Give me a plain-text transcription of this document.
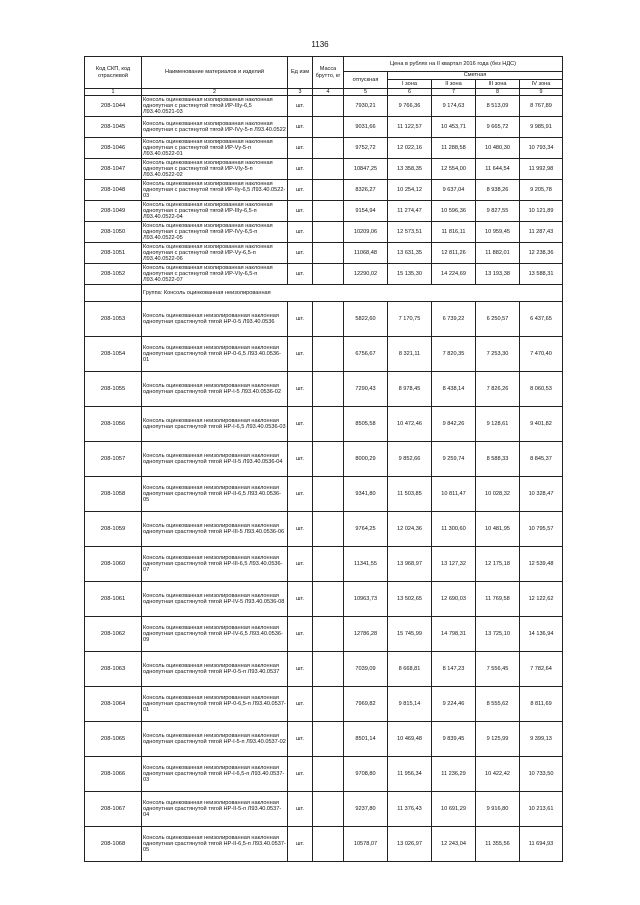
1136
Код СКП, код отраслевой	Наименование материалов и изделий	Ед изм	Масса брутто, кг	Цена в рублях на II квартал 2016 года (без НДС)				
				отпускная	Сметная			
					I зона	II зона	III зона	IV зона
1	2	3	4	5	6	7	8	9
208-1044	Консоль оцинкованная изолированная наклонная однопутная с растянутой тягой ИР-IIIу-6,5 Л93.40.0521-03	шт.		7930,21	9 766,36	9 174,63	8 513,09	8 767,89
208-1045	Консоль оцинкованная изолированная наклонная однопутная с растянутой тягой ИР-IVу-5-п Л93.40.0522	шт.		9031,66	11 122,57	10 453,71	9 665,72	9 985,91
208-1046	Консоль оцинкованная изолированная наклонная однопутная с растянутой тягой ИР-Vу-5-п Л93.40.0522-01	шт.		9752,72	12 022,16	11 288,58	10 480,30	10 793,34
208-1047	Консоль оцинкованная изолированная наклонная однопутная с растянутой тягой ИР-VIу-5-п Л93.40.0522-02	шт.		10847,25	13 358,35	12 554,00	11 644,54	11 992,98
208-1048	Консоль оцинкованная изолированная наклонная однопутная с растянутой тягой ИР-IIу-6,5 Л93.40.0522-03	шт.		8326,27	10 254,12	9 637,04	8 938,26	9 205,78
208-1049	Консоль оцинкованная изолированная наклонная однопутная с растянутой тягой ИР-IIIу-6,5-п Л93.40.0522-04	шт.		9154,94	11 274,47	10 596,36	9 827,55	10 121,89
208-1050	Консоль оцинкованная изолированная наклонная однопутная с растянутой тягой ИР-IVу-6,5-п Л93.40.0522-05	шт.		10209,06	12 573,51	11 816,11	10 959,45	11 287,43
208-1051	Консоль оцинкованная изолированная наклонная однопутная с растянутой тягой ИР-Vу-6,5-п Л93.40.0522-06	шт.		11068,48	13 631,35	12 811,26	11 882,01	12 238,36
208-1052	Консоль оцинкованная изолированная наклонная однопутная с растянутой тягой ИР-VIу-6,5-п Л93.40.0522-07	шт.		12290,02	15 135,30	14 224,69	13 193,38	13 588,31
	Группа: Консоль оцинкованная неизолированная							
208-1053	Консоль оцинкованная неизолированная наклонная однопутная срастянутой тягой НР-0-5 Л93.40.0536	шт.		5822,60	7 170,75	6 739,22	6 250,57	6 437,65
208-1054	Консоль оцинкованная неизолированная наклонная однопутная срастянутой тягой НР-0-6,5 Л93.40.0536-01	шт.		6756,67	8 321,11	7 820,35	7 253,30	7 470,40
208-1055	Консоль оцинкованная неизолированная наклонная однопутная срастянутой тягой НР-I-5 Л93.40.0536-02	шт.		7290,43	8 978,45	8 438,14	7 826,26	8 060,53
208-1056	Консоль оцинкованная неизолированная наклонная однопутная срастянутой тягой НР-I-6,5 Л93.40.0536-03	шт.		8505,58	10 472,46	9 842,26	9 128,61	9 401,82
208-1057	Консоль оцинкованная неизолированная наклонная однопутная срастянутой тягой НР-II-5 Л93.40.0536-04	шт.		8000,29	9 852,66	9 259,74	8 588,33	8 845,37
208-1058	Консоль оцинкованная неизолированная наклонная однопутная срастянутой тягой НР-II-6,5 Л93.40.0536-05	шт.		9341,80	11 503,85	10 811,47	10 028,32	10 328,47
208-1059	Консоль оцинкованная неизолированная наклонная однопутная срастянутой тягой НР-III-5 Л93.40.0536-06	шт.		9764,25	12 024,36	11 300,60	10 481,95	10 795,57
208-1060	Консоль оцинкованная неизолированная наклонная однопутная срастянутой тягой НР-III-6,5 Л93.40.0536-07	шт.		11341,55	13 968,97	13 127,32	12 175,18	12 539,48
208-1061	Консоль оцинкованная неизолированная наклонная однопутная срастянутой тягой НР-IV-5 Л93.40.0536-08	шт.		10963,73	13 502,65	12 690,03	11 769,58	12 122,62
208-1062	Консоль оцинкованная неизолированная наклонная однопутная срастянутой тягой НР-IV-6,5 Л93.40.0536-09	шт.		12786,28	15 745,99	14 798,31	13 725,10	14 136,94
208-1063	Консоль оцинкованная неизолированная наклонная однопутная срастянутой тягой НР-0-5-п Л93.40.0537	шт.		7039,09	8 668,81	8 147,23	7 556,45	7 782,64
208-1064	Консоль оцинкованная неизолированная наклонная однопутная срастянутой тягой НР-0-6,5-п Л93.40.0537-01	шт.		7969,82	9 815,14	9 224,46	8 555,62	8 811,69
208-1065	Консоль оцинкованная неизолированная наклонная однопутная срастянутой тягой НР-I-5-п Л93.40.0537-02	шт.		8501,14	10 469,48	9 839,45	9 125,99	9 399,13
208-1066	Консоль оцинкованная неизолированная наклонная однопутная срастянутой тягой НР-I-6,5-п Л93.40.0537-03	шт.		9708,80	11 956,34	11 236,29	10 422,42	10 733,50
208-1067	Консоль оцинкованная неизолированная наклонная однопутная срастянутой тягой НР-II-5-п Л93.40.0537-04	шт.		9237,80	11 376,43	10 691,29	9 916,80	10 213,61
208-1068	Консоль оцинкованная неизолированная наклонная однопутная срастянутой тягой НР-II-6,5-п Л93.40.0537-05	шт.		10578,07	13 026,97	12 243,04	11 355,56	11 694,93
